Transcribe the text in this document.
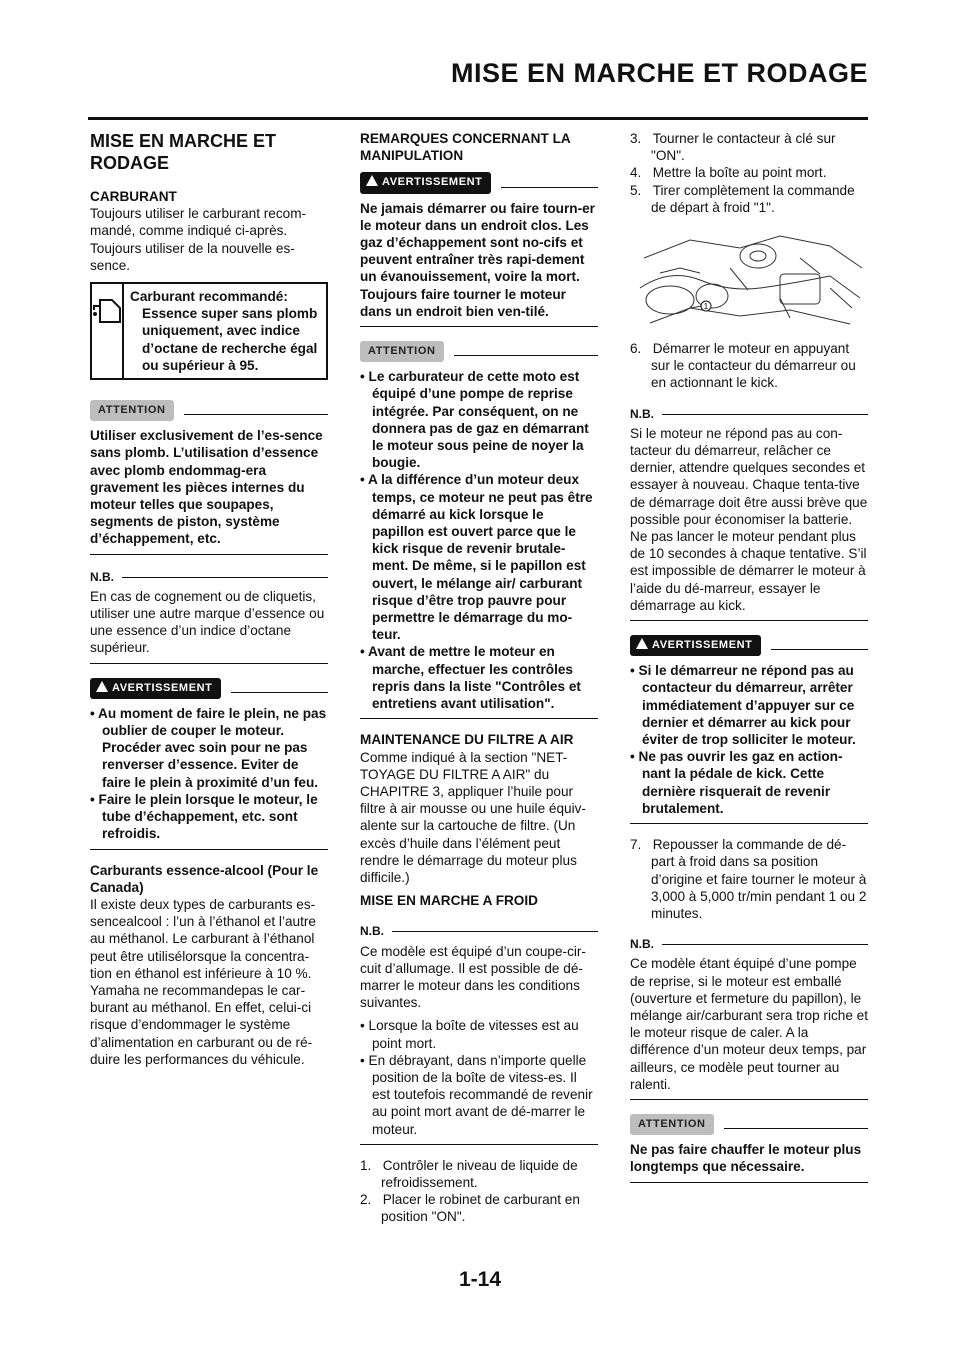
MISE EN MARCHE ET RODAGE
MISE EN MARCHE ET RODAGE
CARBURANT

Toujours utiliser le carburant recom-mandé, comme indiqué ci-après. Toujours utiliser de la nouvelle es-sence.

Carburant recommandé:
Essence super sans plomb uniquement, avec indice d’octane de recherche égal ou supérieur à 95.
ATTENTION

Utiliser exclusivement de l’es-sence sans plomb. L’utilisation d’essence avec plomb endommag-era gravement les pièces internes du moteur telles que soupapes, segments de piston, système d’échappement, etc.

N.B.

En cas de cognement ou de cliquetis, utiliser une autre marque d’essence ou une essence d’un indice d’octane supérieur.

AVERTISSEMENT
• Au moment de faire le plein, ne pas oublier de couper le moteur. Procéder avec soin pour ne pas renverser d’essence. Eviter de faire le plein à proximité d’un feu.
• Faire le plein lorsque le moteur, le tube d’échappement, etc. sont refroidis.
Carburants essence-alcool (Pour le Canada)

Il existe deux types de carburants es-sencealcool : l’un à l’éthanol et l’autre au méthanol. Le carburant à l’éthanol peut être utilisélorsque la concentra-tion en éthanol est inférieure à 10 %. Yamaha ne recommandepas le car-burant au méthanol. En effet, celui-ci risque d’endommager le système d’alimentation en carburant ou de ré-duire les performances du véhicule.

REMARQUES CONCERNANT LA MANIPULATION
AVERTISSEMENT

Ne jamais démarrer ou faire tourn-er le moteur dans un endroit clos. Les gaz d’échappement sont no-cifs et peuvent entraîner très rapi-dement un évanouissement, voire la mort. Toujours faire tourner le moteur dans un endroit bien ven-tilé.

ATTENTION
• Le carburateur de cette moto est équipé d’une pompe de reprise intégrée. Par conséquent, on ne donnera pas de gaz en démarrant le moteur sous peine de noyer la bougie.
• A la différence d’un moteur deux temps, ce moteur ne peut pas être démarré au kick lorsque le papillon est ouvert parce que le kick risque de revenir brutale-ment. De même, si le papillon est ouvert, le mélange air/ carburant risque d’être trop pauvre pour permettre le démarrage du mo-teur.
• Avant de mettre le moteur en marche, effectuer les contrôles repris dans la liste "Contrôles et entretiens avant utilisation".
MAINTENANCE DU FILTRE A AIR

Comme indiqué à la section "NET-TOYAGE DU FILTRE A AIR" du CHAPITRE 3, appliquer l’huile pour filtre à air mousse ou une huile équiv-alente sur la cartouche de filtre. (Un excès d’huile dans l’élément peut rendre le démarrage du moteur plus difficile.)

MISE EN MARCHE A FROID
N.B.

Ce modèle est équipé d’un coupe-cir-cuit d’allumage. Il est possible de dé-marrer le moteur dans les conditions suivantes.

• Lorsque la boîte de vitesses est au point mort.
• En débrayant, dans n’importe quelle position de la boîte de vitess-es. Il est toutefois recommandé de revenir au point mort avant de dé-marrer le moteur.
1. Contrôler le niveau de liquide de refroidissement.
2. Placer le robinet de carburant en position "ON".
3. Tourner le contacteur à clé sur "ON".
4. Mettre la boîte au point mort.
5. Tirer complètement la commande de départ à froid "1".
1
6. Démarrer le moteur en appuyant sur le contacteur du démarreur ou en actionnant le kick.
N.B.

Si le moteur ne répond pas au con-tacteur du démarreur, relâcher ce dernier, attendre quelques secondes et essayer à nouveau. Chaque tenta-tive de démarrage doit être aussi brève que possible pour économiser la batterie. Ne pas lancer le moteur pendant plus de 10 secondes à chaque tentative. S’il est impossible de démarrer le moteur à l’aide du dé-marreur, essayer le démarrage au kick.

AVERTISSEMENT
• Si le démarreur ne répond pas au contacteur du démarreur, arrêter immédiatement d’appuyer sur ce dernier et démarrer au kick pour éviter de trop solliciter le moteur.
• Ne pas ouvrir les gaz en action-nant la pédale de kick. Cette dernière risquerait de revenir brutalement.
7. Repousser la commande de dé-part à froid dans sa position d’origine et faire tourner le moteur à 3,000 à 5,000 tr/min pendant 1 ou 2 minutes.
N.B.

Ce modèle étant équipé d’une pompe de reprise, si le moteur est emballé (ouverture et fermeture du papillon), le mélange air/carburant sera trop riche et le moteur risque de caler. A la différence d’un moteur deux temps, par ailleurs, ce modèle peut tourner au ralenti.

ATTENTION

Ne pas faire chauffer le moteur plus longtemps que nécessaire.

1-14
